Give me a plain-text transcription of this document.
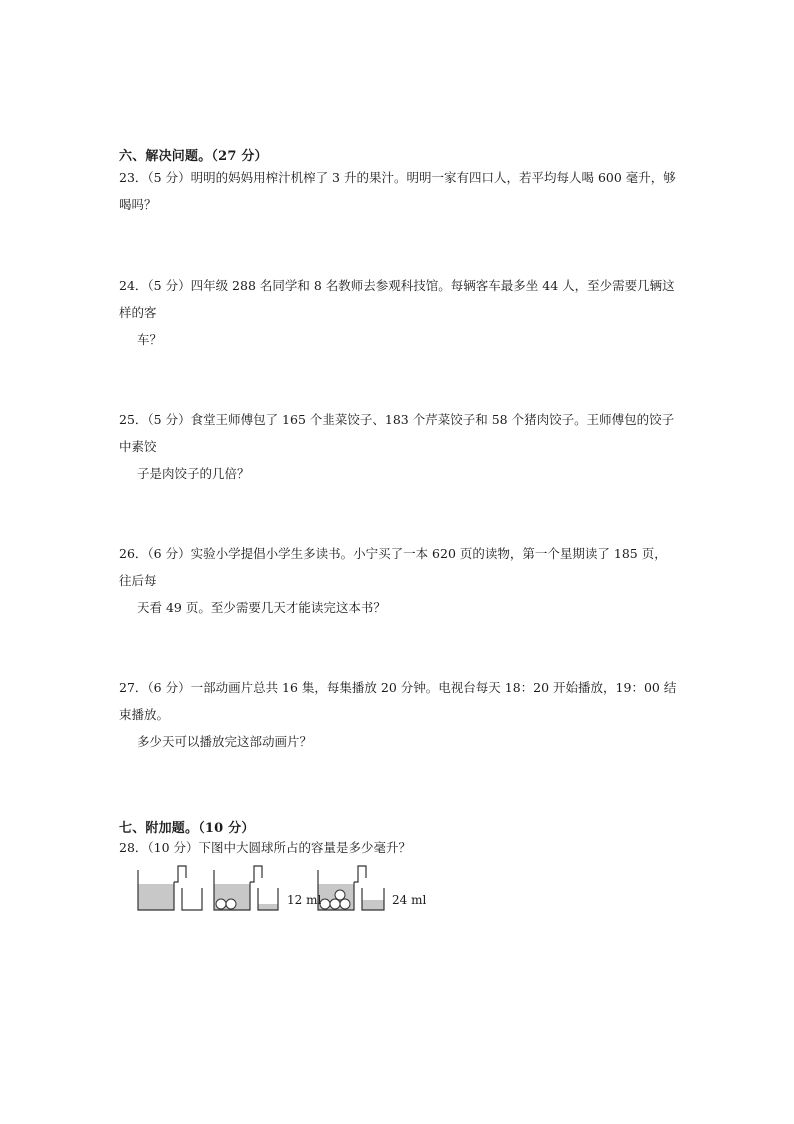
六、解决问题。（27 分）
23．（5 分）明明的妈妈用榨汁机榨了 3 升的果汁。明明一家有四口人，若平均每人喝 600 毫升，够喝吗？
24．（5 分）四年级 288 名同学和 8 名教师去参观科技馆。每辆客车最多坐 44 人，至少需要几辆这样的客
车？
25．（5 分）食堂王师傅包了 165 个韭菜饺子、183 个芹菜饺子和 58 个猪肉饺子。王师傅包的饺子中素饺
子是肉饺子的几倍？
26．（6 分）实验小学提倡小学生多读书。小宁买了一本 620 页的读物，第一个星期读了 185 页，往后每
天看 49 页。至少需要几天才能读完这本书？
27．（6 分）一部动画片总共 16 集，每集播放 20 分钟。电视台每天 18：20 开始播放，19：00 结束播放。
多少天可以播放完这部动画片？
七、附加题。（10 分）
28．（10 分）下图中大圆球所占的容量是多少毫升？
12 ml	24 ml
